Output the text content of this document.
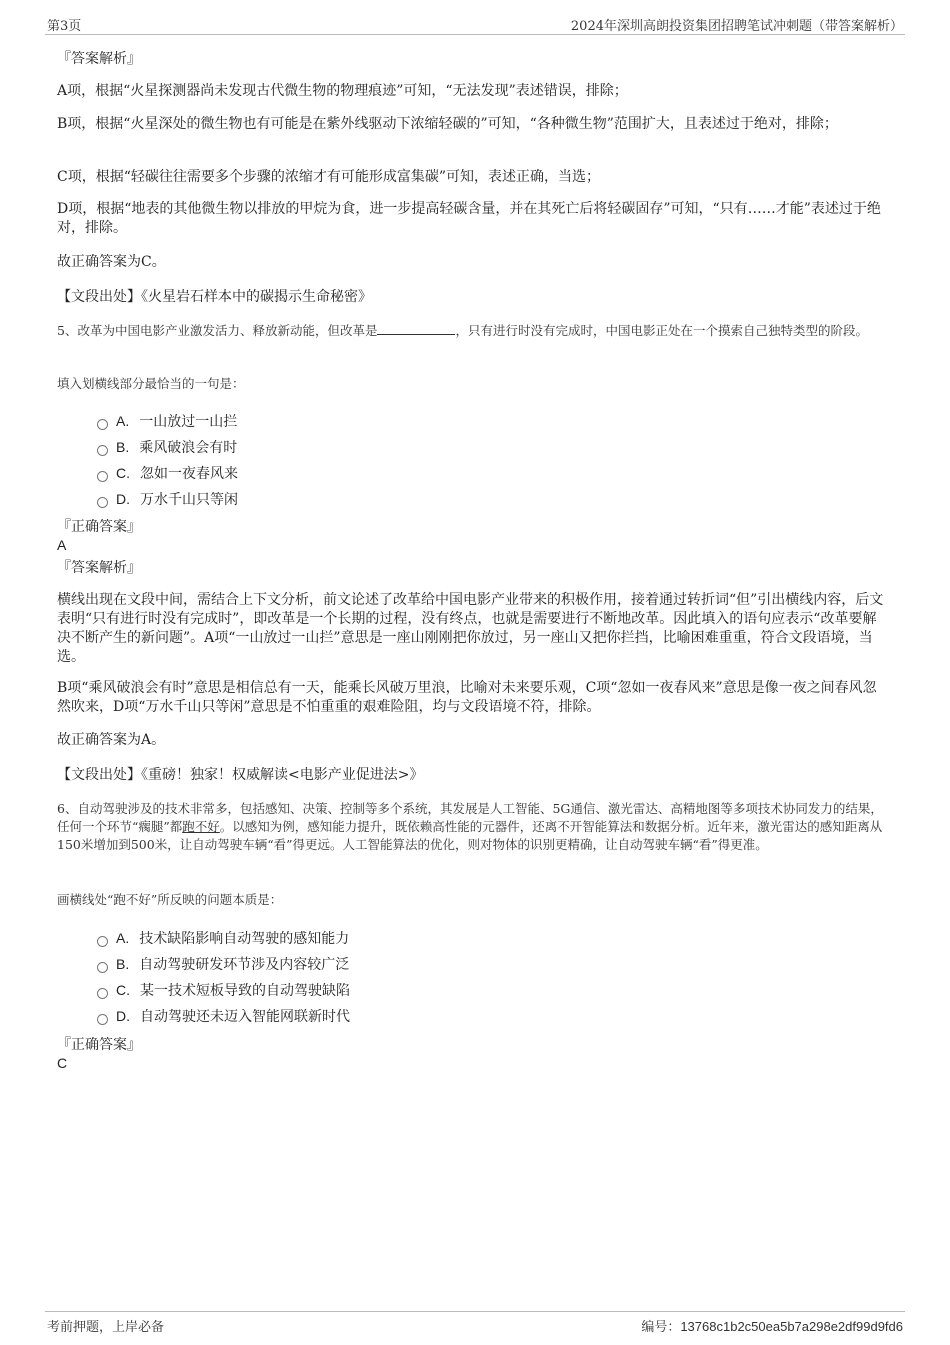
第3页	2024年深圳高朗投资集团招聘笔试冲刺题（带答案解析）
『答案解析』
A项，根据“火星探测器尚未发现古代微生物的物理痕迹”可知，“无法发现”表述错误，排除；
B项，根据“火星深处的微生物也有可能是在紫外线驱动下浓缩轻碳的”可知，“各种微生物”范围扩大，且表述过于绝对，排除；
C项，根据“轻碳往往需要多个步骤的浓缩才有可能形成富集碳”可知，表述正确，当选；
D项，根据“地表的其他微生物以排放的甲烷为食，进一步提高轻碳含量，并在其死亡后将轻碳固存”可知，“只有……才能”表述过于绝对，排除。
故正确答案为C。
【文段出处】《火星岩石样本中的碳揭示生命秘密》
5、改革为中国电影产业激发活力、释放新动能，但改革是	，只有进行时没有完成时，中国电影正处在一个摸索自己独特类型的阶段。
填入划横线部分最恰当的一句是：
A. 一山放过一山拦
B. 乘风破浪会有时
C. 忽如一夜春风来
D. 万水千山只等闲
『正确答案』
A
『答案解析』
横线出现在文段中间，需结合上下文分析，前文论述了改革给中国电影产业带来的积极作用，接着通过转折词“但”引出横线内容，后文表明“只有进行时没有完成时”，即改革是一个长期的过程，没有终点，也就是需要进行不断地改革。因此填入的语句应表示“改革要解决不断产生的新问题”。A项“一山放过一山拦”意思是一座山刚刚把你放过，另一座山又把你拦挡，比喻困难重重，符合文段语境，当选。
B项“乘风破浪会有时”意思是相信总有一天，能乘长风破万里浪，比喻对未来要乐观，C项“忽如一夜春风来”意思是像一夜之间春风忽然吹来，D项“万水千山只等闲”意思是不怕重重的艰难险阻，均与文段语境不符，排除。
故正确答案为A。
【文段出处】《重磅！独家！权威解读<电影产业促进法>》
6、自动驾驶涉及的技术非常多，包括感知、决策、控制等多个系统，其发展是人工智能、5G通信、激光雷达、高精地图等多项技术协同发力的结果，任何一个环节“瘸腿”都跑不好。以感知为例，感知能力提升，既依赖高性能的元器件，还离不开智能算法和数据分析。近年来，激光雷达的感知距离从150米增加到500米，让自动驾驶车辆“看”得更远。人工智能算法的优化，则对物体的识别更精确，让自动驾驶车辆“看”得更准。
画横线处“跑不好”所反映的问题本质是：
A. 技术缺陷影响自动驾驶的感知能力
B. 自动驾驶研发环节涉及内容较广泛
C. 某一技术短板导致的自动驾驶缺陷
D. 自动驾驶还未迈入智能网联新时代
『正确答案』
C
考前押题，上岸必备	编号：13768c1b2c50ea5b7a298e2df99d9fd6
